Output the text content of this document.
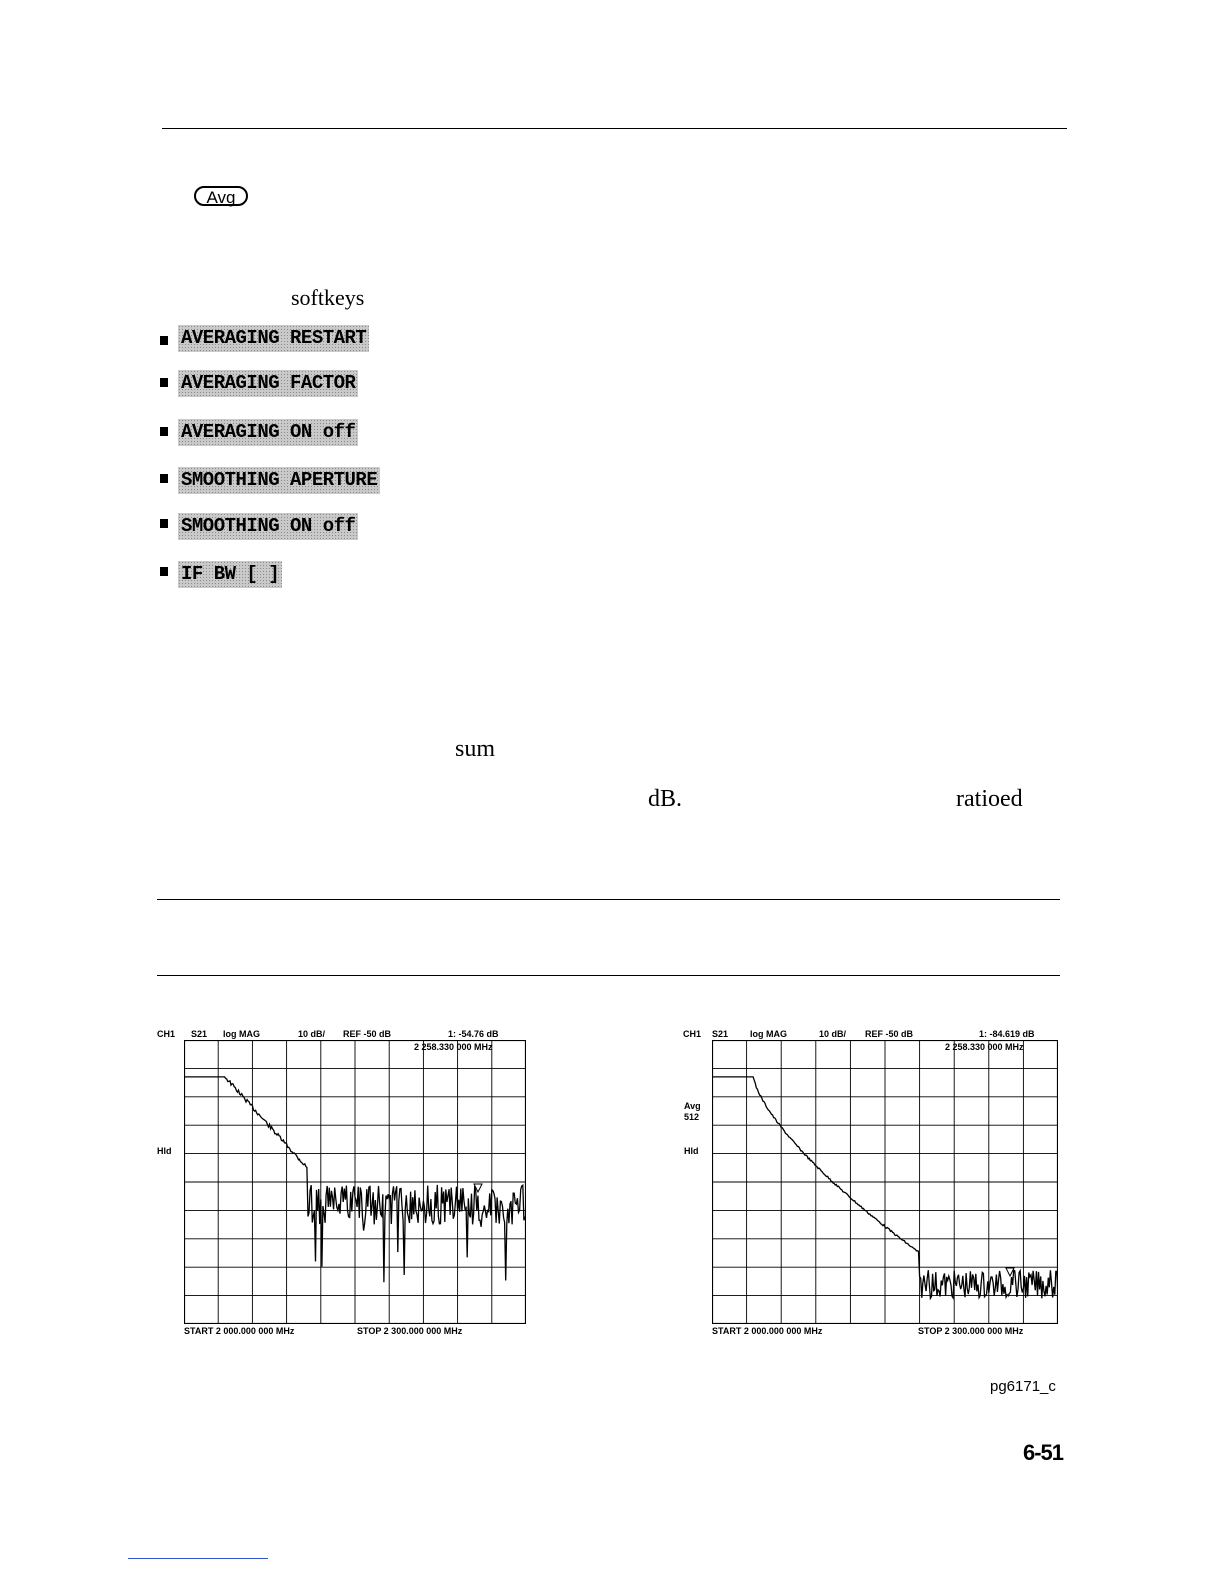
Avg
softkeys
AVERAGING RESTART
AVERAGING FACTOR
AVERAGING ON off
SMOOTHING APERTURE
SMOOTHING ON off
IF BW [ ]
sum
dB.	ratioed
CH1 S21 log MAG	10 dB/ REF -50 dB	1: -54.76 dB
2 258.330 000 MHz
Hld
START 2 000.000 000 MHz	STOP 2 300.000 000 MHz
CH1 S21 log MAG	10 dB/ REF -50 dB	1: -84.619 dB
2 258.330 000 MHz
Avg
512
Hld
START 2 000.000 000 MHz	STOP 2 300.000 000 MHz
pg6171_c
6-51
